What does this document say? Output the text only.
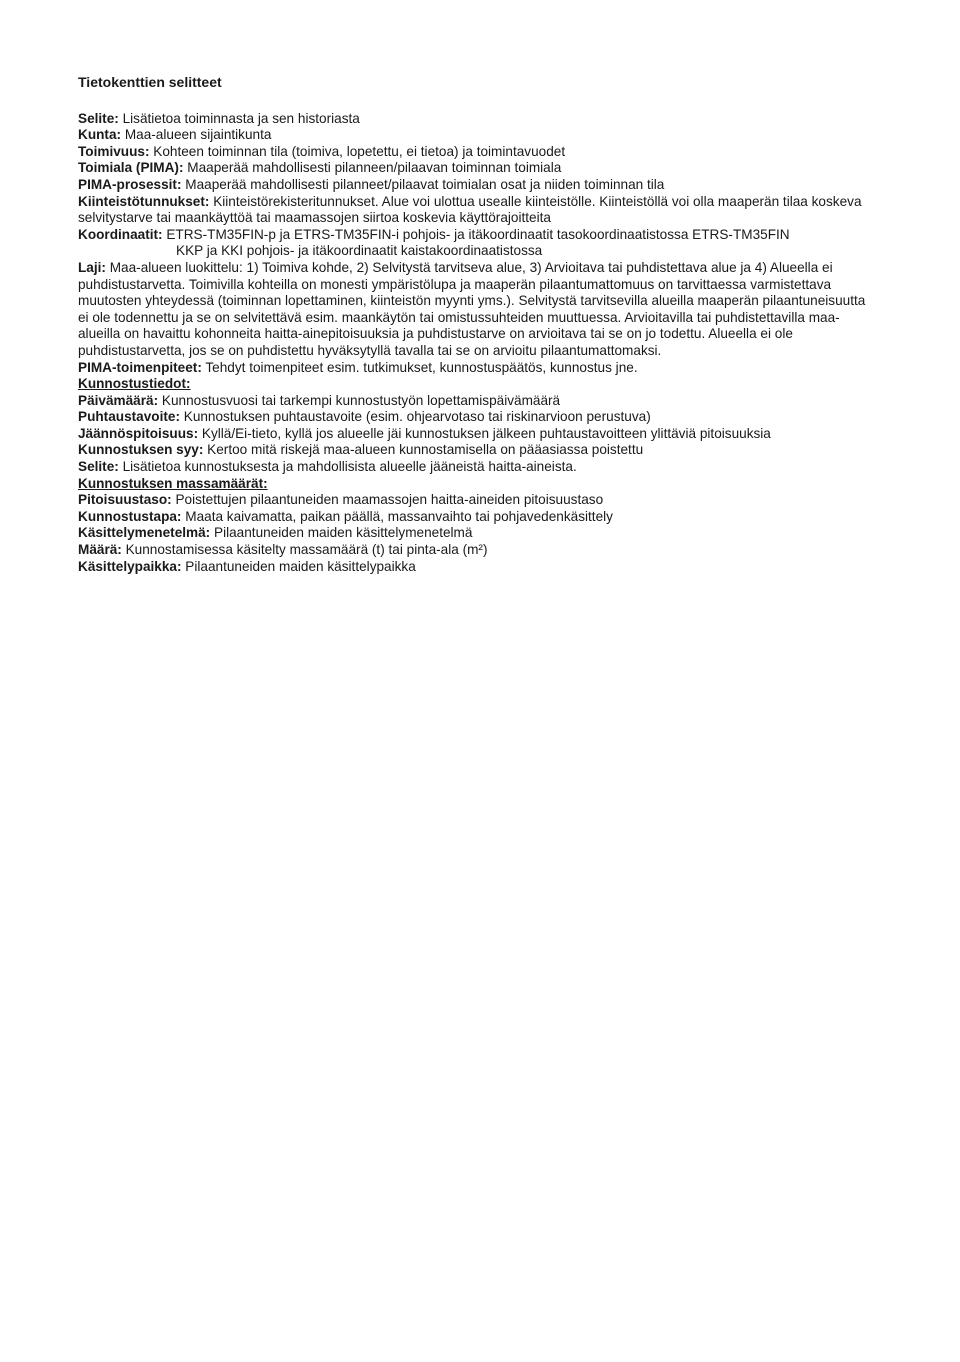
Tietokenttien selitteet

Selite: Lisätietoa toiminnasta ja sen historiasta

Kunta: Maa-alueen sijaintikunta

Toimivuus: Kohteen toiminnan tila (toimiva, lopetettu, ei tietoa) ja toimintavuodet

Toimiala (PIMA): Maaperää mahdollisesti pilanneen/pilaavan toiminnan toimiala

PIMA-prosessit: Maaperää mahdollisesti pilanneet/pilaavat toimialan osat ja niiden toiminnan tila

Kiinteistötunnukset: Kiinteistörekisteritunnukset. Alue voi ulottua usealle kiinteistölle. Kiinteistöllä voi olla maaperän tilaa koskeva selvitystarve tai maankäyttöä tai maamassojen siirtoa koskevia käyttörajoitteita

Koordinaatit: ETRS-TM35FIN-p ja ETRS-TM35FIN-i pohjois- ja itäkoordinaatit tasokoordinaatistossa ETRS-TM35FIN
KKP ja KKI pohjois- ja itäkoordinaatit kaistakoordinaatistossa

Laji: Maa-alueen luokittelu: 1) Toimiva kohde, 2) Selvitystä tarvitseva alue, 3) Arvioitava tai puhdistettava alue ja 4) Alueella ei puhdistustarvetta. Toimivilla kohteilla on monesti ympäristölupa ja maaperän pilaantumattomuus on tarvittaessa varmistettava muutosten yhteydessä (toiminnan lopettaminen, kiinteistön myynti yms.). Selvitystä tarvitsevilla alueilla maaperän pilaantuneisuutta ei ole todennettu ja se on selvitettävä esim. maankäytön tai omistussuhteiden muuttuessa. Arvioitavilla tai puhdistettavilla maa-alueilla on havaittu kohonneita haitta-ainepitoisuuksia ja puhdistustarve on arvioitava tai se on jo todettu. Alueella ei ole puhdistustarvetta, jos se on puhdistettu hyväksytyllä tavalla tai se on arvioitu pilaantumattomaksi.

PIMA-toimenpiteet: Tehdyt toimenpiteet esim. tutkimukset, kunnostuspäätös, kunnostus jne.

Kunnostustiedot:

Päivämäärä: Kunnostusvuosi tai tarkempi kunnostustyön lopettamispäivämäärä

Puhtaustavoite: Kunnostuksen puhtaustavoite (esim. ohjearvotaso tai riskinarvioon perustuva)

Jäännöspitoisuus: Kyllä/Ei-tieto, kyllä jos alueelle jäi kunnostuksen jälkeen puhtaustavoitteen ylittäviä pitoisuuksia

Kunnostuksen syy: Kertoo mitä riskejä maa-alueen kunnostamisella on pääasiassa poistettu

Selite: Lisätietoa kunnostuksesta ja mahdollisista alueelle jääneistä haitta-aineista.

Kunnostuksen massamäärät:

Pitoisuustaso: Poistettujen pilaantuneiden maamassojen haitta-aineiden pitoisuustaso

Kunnostustapa: Maata kaivamatta, paikan päällä, massanvaihto tai pohjavedenkäsittely

Käsittelymenetelmä: Pilaantuneiden maiden käsittelymenetelmä

Määrä: Kunnostamisessa käsitelty massamäärä (t) tai pinta-ala (m²)

Käsittelypaikka: Pilaantuneiden maiden käsittelypaikka
